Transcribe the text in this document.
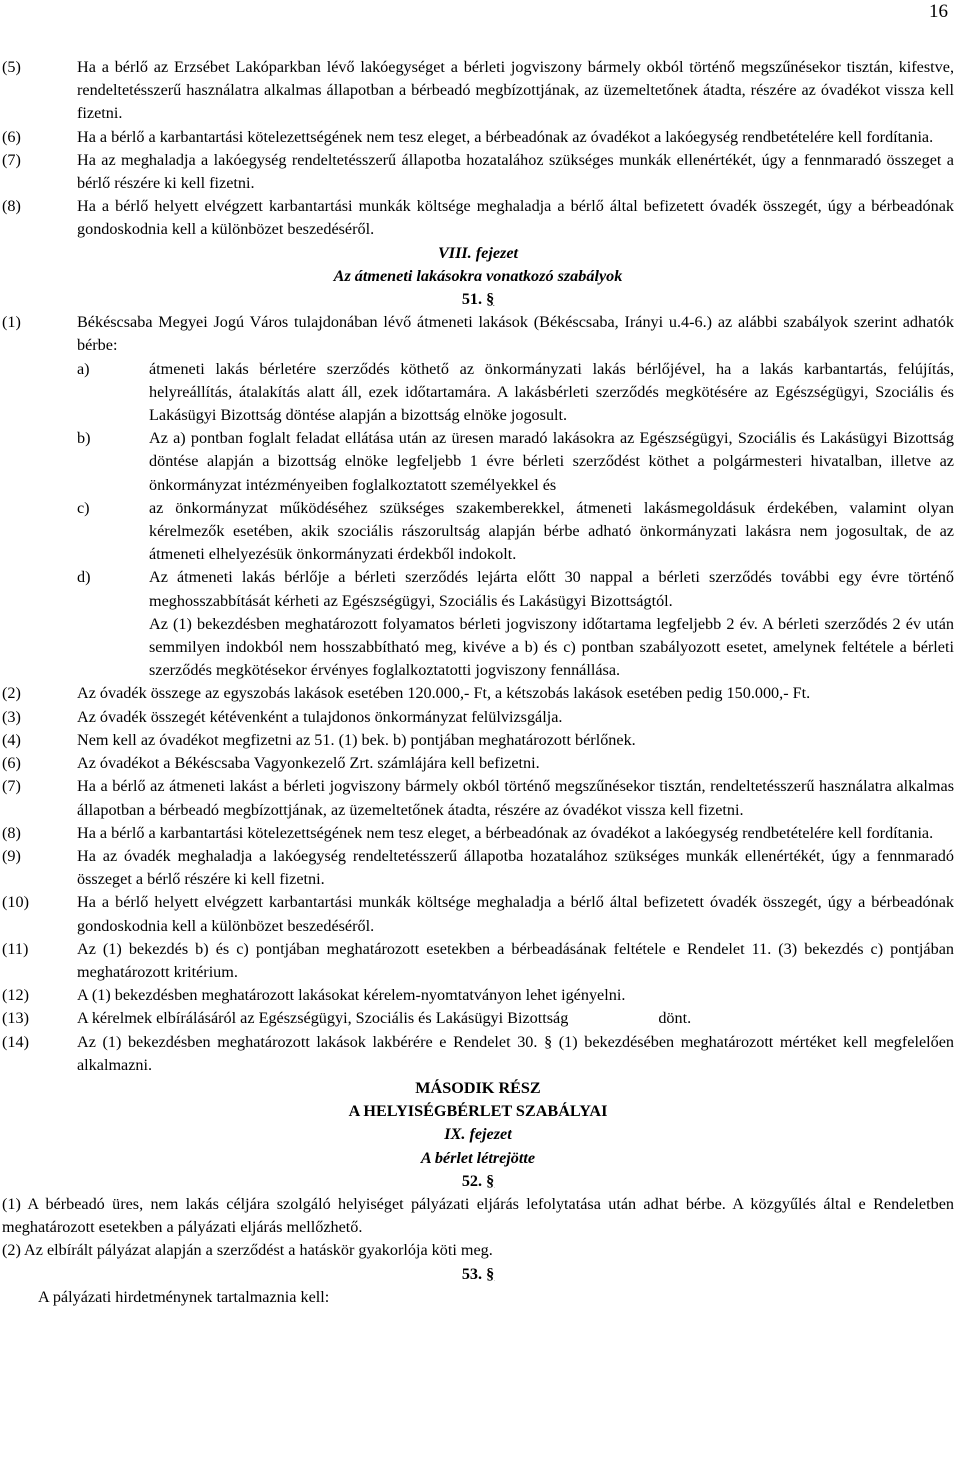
16
(5)	Ha a bérlő az Erzsébet Lakóparkban lévő lakóegységet a bérleti jogviszony bármely okból történő megszűnésekor tisztán, kifestve, rendeltetésszerű használatra alkalmas állapotban a bérbeadó megbízottjának, az üzemeltetőnek átadta, részére az óvadékot vissza kell fizetni.
(6)	Ha a bérlő a karbantartási kötelezettségének nem tesz eleget, a bérbeadónak az óvadékot a lakóegység rendbetételére kell fordítania.
(7)	Ha az meghaladja a lakóegység rendeltetésszerű állapotba hozatalához szükséges munkák ellenértékét, úgy a fennmaradó összeget a bérlő részére ki kell fizetni.
(8)	Ha a bérlő helyett elvégzett karbantartási munkák költsége meghaladja a bérlő által befizetett óvadék összegét, úgy a bérbeadónak gondoskodnia kell a különbözet beszedéséről.
VIII. fejezet
Az átmeneti lakásokra vonatkozó szabályok
51. §
(1)	Békéscsaba Megyei Jogú Város tulajdonában lévő átmeneti lakások (Békéscsaba, Irányi u.4-6.) az alábbi szabályok szerint adhatók bérbe:
a)	átmeneti lakás bérletére szerződés köthető az önkormányzati lakás bérlőjével, ha a lakás karbantartás, felújítás, helyreállítás, átalakítás alatt áll, ezek időtartamára. A lakásbérleti szerződés megkötésére az Egészségügyi, Szociális és Lakásügyi Bizottság döntése alapján a bizottság elnöke jogosult.
b)	Az a) pontban foglalt feladat ellátása után az üresen maradó lakásokra az Egészségügyi, Szociális és Lakásügyi Bizottság döntése alapján a bizottság elnöke legfeljebb 1 évre bérleti szerződést köthet a polgármesteri hivatalban, illetve az önkormányzat intézményeiben foglalkoztatott személyekkel és
c)	az önkormányzat működéséhez szükséges szakemberekkel, átmeneti lakásmegoldásuk érdekében, valamint olyan kérelmezők esetében, akik szociális rászorultság alapján bérbe adható önkormányzati lakásra nem jogosultak, de az átmeneti elhelyezésük önkormányzati érdekből indokolt.
d)	Az átmeneti lakás bérlője a bérleti szerződés lejárta előtt 30 nappal a bérleti szerződés további egy évre történő meghosszabbítását kérheti az Egészségügyi, Szociális és Lakásügyi Bizottságtól.
Az (1) bekezdésben meghatározott folyamatos bérleti jogviszony időtartama legfeljebb 2 év. A bérleti szerződés 2 év után semmilyen indokból nem hosszabbítható meg, kivéve a b) és c) pontban szabályozott esetet, amelynek feltétele a bérleti szerződés megkötésekor érvényes foglalkoztatotti jogviszony fennállása.
(2)	Az óvadék összege az egyszobás lakások esetében 120.000,- Ft, a kétszobás lakások esetében pedig 150.000,- Ft.
(3)	Az óvadék összegét kétévenként a tulajdonos önkormányzat felülvizsgálja.
(4)	Nem kell az óvadékot megfizetni az 51. (1) bek. b) pontjában meghatározott bérlőnek.
(6)	Az óvadékot a Békéscsaba Vagyonkezelő Zrt. számlájára kell befizetni.
(7)	Ha a bérlő az átmeneti lakást a bérleti jogviszony bármely okból történő megszűnésekor tisztán, rendeltetésszerű használatra alkalmas állapotban a bérbeadó megbízottjának, az üzemeltetőnek átadta, részére az óvadékot vissza kell fizetni.
(8)	Ha a bérlő a karbantartási kötelezettségének nem tesz eleget, a bérbeadónak az óvadékot a lakóegység rendbetételére kell fordítania.
(9)	Ha az óvadék meghaladja a lakóegység rendeltetésszerű állapotba hozatalához szükséges munkák ellenértékét, úgy a fennmaradó összeget a bérlő részére ki kell fizetni.
(10)	Ha a bérlő helyett elvégzett karbantartási munkák költsége meghaladja a bérlő által befizetett óvadék összegét, úgy a bérbeadónak gondoskodnia kell a különbözet beszedéséről.
(11)	Az (1) bekezdés b) és c) pontjában meghatározott esetekben a bérbeadásának feltétele e Rendelet 11. (3) bekezdés c) pontjában meghatározott kritérium.
(12)	A (1) bekezdésben meghatározott lakásokat kérelem-nyomtatványon lehet igényelni.
(13)	A kérelmek elbírálásáról az Egészségügyi, Szociális és Lakásügyi Bizottság	dönt.
(14)	Az (1) bekezdésben meghatározott lakások lakbérére e Rendelet 30. § (1) bekezdésében meghatározott mértéket kell megfelelően alkalmazni.
MÁSODIK RÉSZ
A HELYISÉGBÉRLET SZABÁLYAI
IX. fejezet
A bérlet létrejötte
52. §
(1) A bérbeadó üres, nem lakás céljára szolgáló helyiséget pályázati eljárás lefolytatása után adhat bérbe. A közgyűlés által e Rendeletben meghatározott esetekben a pályázati eljárás mellőzhető.
(2) Az elbírált pályázat alapján a szerződést a hatáskör gyakorlója köti meg.
53. §
A pályázati hirdetménynek tartalmaznia kell:
